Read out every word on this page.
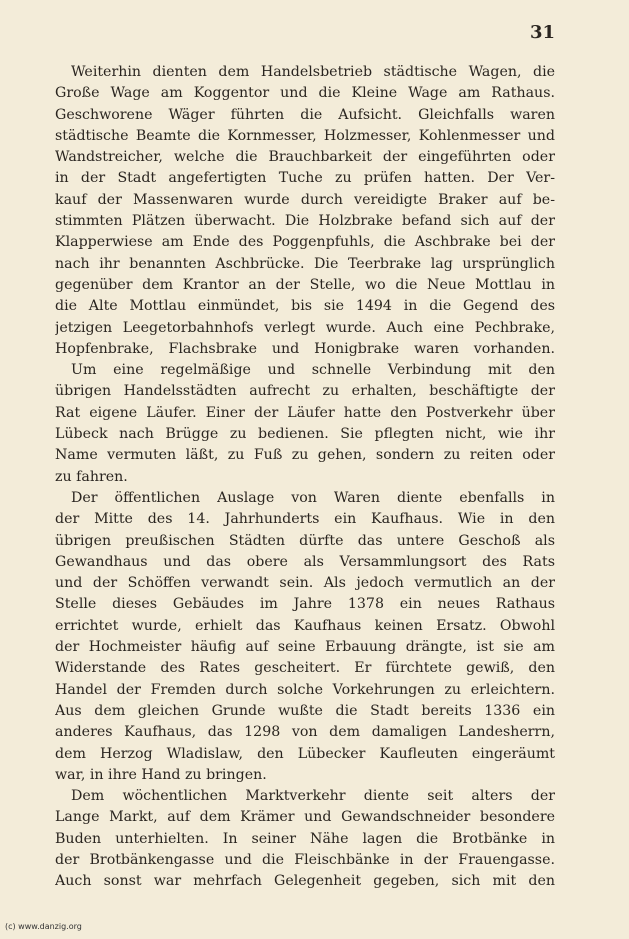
31
Weiterhin dienten dem Handelsbetrieb städtische Wagen, die
Große Wage am Koggentor und die Kleine Wage am Rathaus.
Geschworene Wäger führten die Aufsicht. Gleichfalls waren
städtische Beamte die Kornmesser, Holzmesser, Kohlenmesser und
Wandstreicher, welche die Brauchbarkeit der eingeführten oder
in der Stadt angefertigten Tuche zu prüfen hatten. Der Ver-
kauf der Massenwaren wurde durch vereidigte Braker auf be-
stimmten Plätzen überwacht. Die Holzbrake befand sich auf der
Klapperwiese am Ende des Poggenpfuhls, die Aschbrake bei der
nach ihr benannten Aschbrücke. Die Teerbrake lag ursprünglich
gegenüber dem Krantor an der Stelle, wo die Neue Mottlau in
die Alte Mottlau einmündet, bis sie 1494 in die Gegend des
jetzigen Leegetorbahnhofs verlegt wurde. Auch eine Pechbrake,
Hopfenbrake, Flachsbrake und Honigbrake waren vorhanden.
Um eine regelmäßige und schnelle Verbindung mit den
übrigen Handelsstädten aufrecht zu erhalten, beschäftigte der
Rat eigene Läufer. Einer der Läufer hatte den Postverkehr über
Lübeck nach Brügge zu bedienen. Sie pflegten nicht, wie ihr
Name vermuten läßt, zu Fuß zu gehen, sondern zu reiten oder
zu fahren.
Der öffentlichen Auslage von Waren diente ebenfalls in
der Mitte des 14. Jahrhunderts ein Kaufhaus. Wie in den
übrigen preußischen Städten dürfte das untere Geschoß als
Gewandhaus und das obere als Versammlungsort des Rats
und der Schöffen verwandt sein. Als jedoch vermutlich an der
Stelle dieses Gebäudes im Jahre 1378 ein neues Rathaus
errichtet wurde, erhielt das Kaufhaus keinen Ersatz. Obwohl
der Hochmeister häufig auf seine Erbauung drängte, ist sie am
Widerstande des Rates gescheitert. Er fürchtete gewiß, den
Handel der Fremden durch solche Vorkehrungen zu erleichtern.
Aus dem gleichen Grunde wußte die Stadt bereits 1336 ein
anderes Kaufhaus, das 1298 von dem damaligen Landesherrn,
dem Herzog Wladislaw, den Lübecker Kaufleuten eingeräumt
war, in ihre Hand zu bringen.
Dem wöchentlichen Marktverkehr diente seit alters der
Lange Markt, auf dem Krämer und Gewandschneider besondere
Buden unterhielten. In seiner Nähe lagen die Brotbänke in
der Brotbänkengasse und die Fleischbänke in der Frauengasse.
Auch sonst war mehrfach Gelegenheit gegeben, sich mit den
(c) www.danzig.org
